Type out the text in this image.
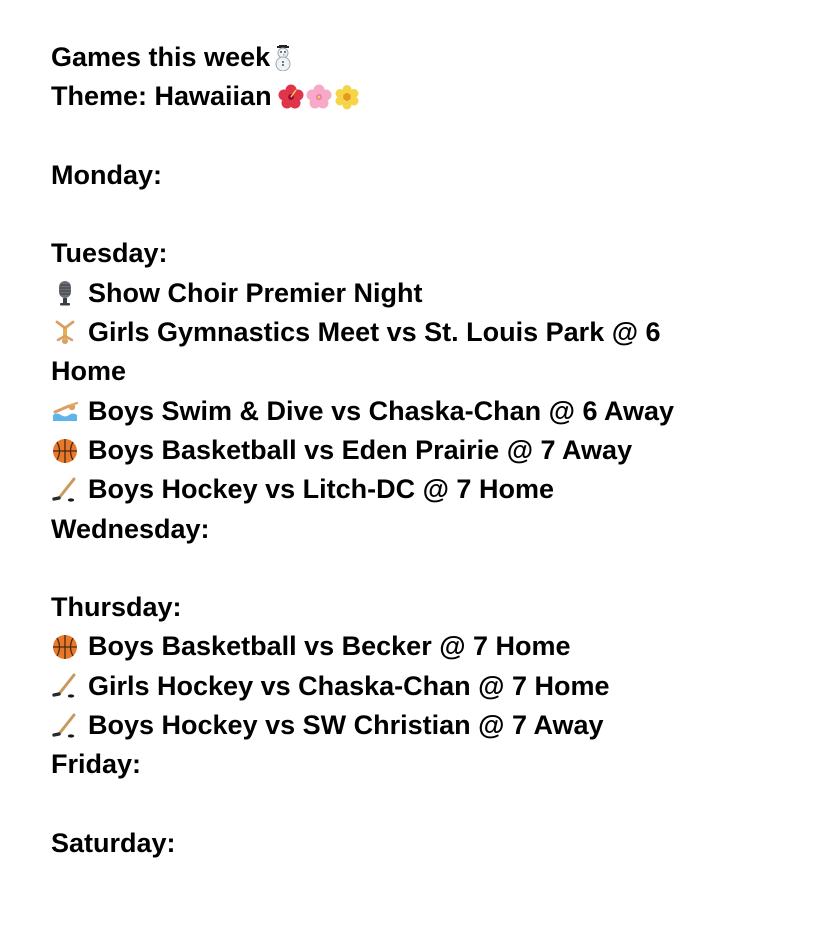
Games this week
Theme: Hawaiian
Monday:
Tuesday:
Show Choir Premier Night
Girls Gymnastics Meet vs St. Louis Park @ 6
Home
Boys Swim & Dive vs Chaska-Chan @ 6 Away
Boys Basketball vs Eden Prairie @ 7 Away
Boys Hockey vs Litch-DC @ 7 Home
Wednesday:
Thursday:
Boys Basketball vs Becker @ 7 Home
Girls Hockey vs Chaska-Chan @ 7 Home
Boys Hockey vs SW Christian @ 7 Away
Friday:
Saturday:
